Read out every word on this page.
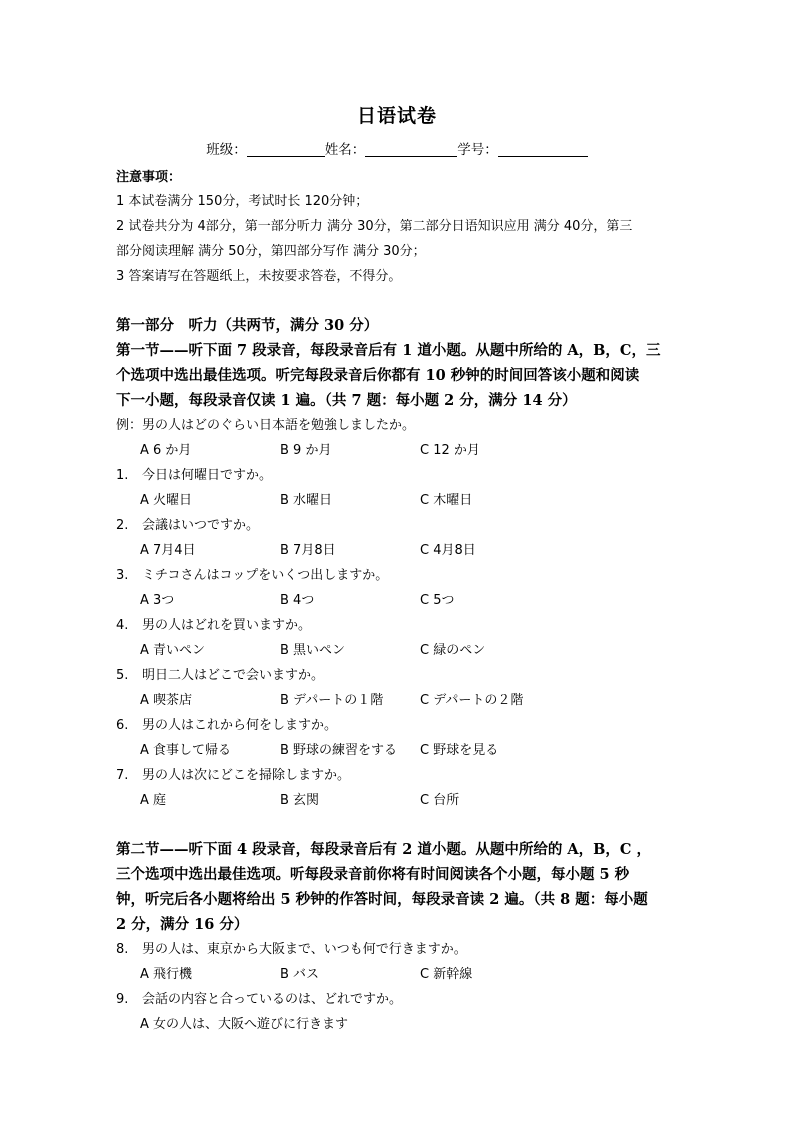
日语试卷
班级：	姓名：	学号：
注意事项：
1 本试卷满分 150分，考试时长 120分钟；
2 试卷共分为 4部分，第一部分听力 满分 30分，第二部分日语知识应用 满分 40分，第三
部分阅读理解 满分 50分，第四部分写作 满分 30分；
3 答案请写在答题纸上，未按要求答卷，不得分。
第一部分　听力（共两节，满分 30 分）
第一节——听下面 7 段录音，每段录音后有 1 道小题。从题中所给的 A，B，C，三
个选项中选出最佳选项。听完每段录音后你都有 10 秒钟的时间回答该小题和阅读
下一小题，每段录音仅读 1 遍。（共 7 题：每小题 2 分，满分 14 分）
例：男の人はどのぐらい日本語を勉強しましたか。
A 6 か月	B 9 か月	C 12 か月
1. 今日は何曜日ですか。
A 火曜日	B 水曜日	C 木曜日
2. 会議はいつですか。
A 7月4日	B 7月8日	C 4月8日
3. ミチコさんはコップをいくつ出しますか。
A 3つ	B 4つ	C 5つ
4. 男の人はどれを買いますか。
A 青いペン	B 黒いペン	C 緑のペン
5. 明日二人はどこで会いますか。
A 喫茶店	B デパートの１階	C デパートの２階
6. 男の人はこれから何をしますか。
A 食事して帰る	B 野球の練習をする C 野球を見る
7. 男の人は次にどこを掃除しますか。
A 庭	B 玄関	C 台所
第二节——听下面 4 段录音，每段录音后有 2 道小题。从题中所给的 A，B，C ，
三个选项中选出最佳选项。听每段录音前你将有时间阅读各个小题，每小题 5 秒
钟，听完后各小题将给出 5 秒钟的作答时间，每段录音读 2 遍。（共 8 题：每小题
2 分，满分 16 分）
8. 男の人は、東京から大阪まで、いつも何で行きますか。
A 飛行機	B バス	C 新幹線
9. 会話の内容と合っているのは、どれですか。
A 女の人は、大阪へ遊びに行きます
